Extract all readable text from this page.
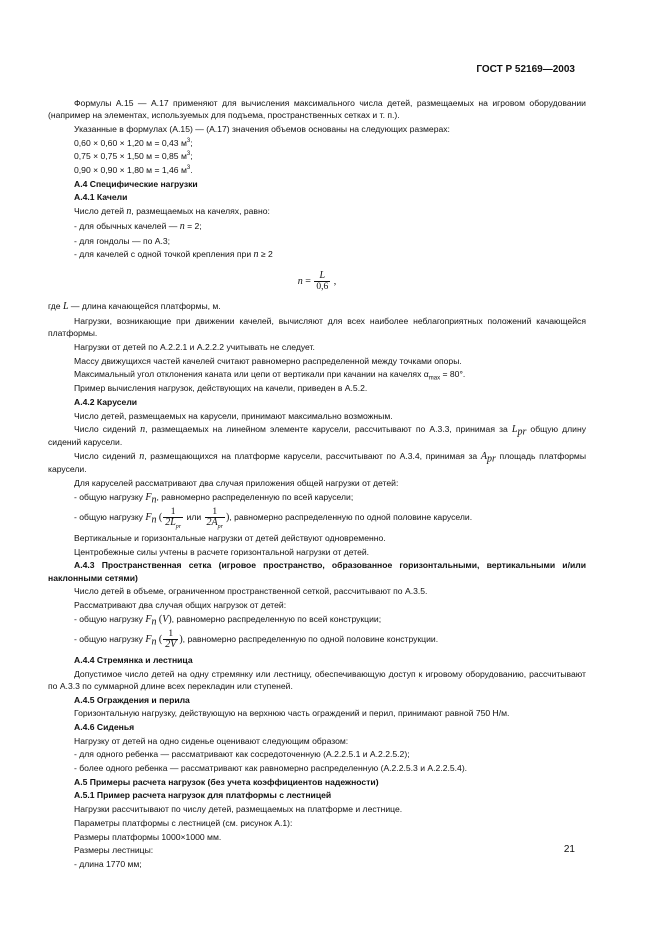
ГОСТ Р 52169—2003

Формулы А.15 — А.17 применяют для вычисления максимального числа детей, размещаемых на игровом оборудовании (например на элементах, используемых для подъема, пространственных сетках и т. п.).

Указанные в формулах (А.15) — (А.17) значения объемов основаны на следующих размерах:

0,60 × 0,60 × 1,20 м = 0,43 $м^3$;

0,75 × 0,75 × 1,50 м = 0,85 $м^3$;

0,90 × 0,90 × 1,80 м = 1,46 $м^3$.

А.4 Специфические нагрузки

А.4.1 Качели

Число детей n, размещаемых на качелях, равно:

- для обычных качелей — n = 2;

- для гондолы — по А.3;

- для качелей с одной точкой крепления при n ≥ 2

$n = \frac{L}{0,6}$ ,

где L — длина качающейся платформы, м.

Нагрузки, возникающие при движении качелей, вычисляют для всех наиболее неблагоприятных положений качающейся платформы.

Нагрузки от детей по А.2.2.1 и А.2.2.2 учитывать не следует.

Массу движущихся частей качелей считают равномерно распределенной между точками опоры.

Максимальный угол отклонения каната или цепи от вертикали при качании на качелях $\alpha_{max} = 80^\circ$.

Пример вычисления нагрузок, действующих на качели, приведен в А.5.2.

А.4.2 Карусели

Число детей, размещаемых на карусели, принимают максимально возможным.

Число сидений n, размещаемых на линейном элементе карусели, рассчитывают по А.3.3, принимая за $L_{pr}$ общую длину сидений карусели.

Число сидений n, размещающихся на платформе карусели, рассчитывают по А.3.4, принимая за $A_{pr}$ площадь платформы карусели.

Для каруселей рассматривают два случая приложения общей нагрузки от детей:

- общую нагрузку $F_n$, равномерно распределенную по всей карусели;

- общую нагрузку $F_n$ ( $\frac{1}{2L_{pr}}$ или $\frac{1}{2A_{pr}}$ ), равномерно распределенную по одной половине карусели.

Вертикальные и горизонтальные нагрузки от детей действуют одновременно.

Центробежные силы учтены в расчете горизонтальной нагрузки от детей.

А.4.3 Пространственная сетка (игровое пространство, образованное горизонтальными, вертикальными и/или наклонными сетями)

Число детей в объеме, ограниченном пространственной сеткой, рассчитывают по А.3.5.

Рассматривают два случая общих нагрузок от детей:

- общую нагрузку $F_n$ (V), равномерно распределенную по всей конструкции;

- общую нагрузку $F_n$ ( $\frac{1}{2V}$ ), равномерно распределенную по одной половине конструкции.

А.4.4 Стремянка и лестница

Допустимое число детей на одну стремянку или лестницу, обеспечивающую доступ к игровому оборудованию, рассчитывают по А.3.3 по суммарной длине всех перекладин или ступеней.

А.4.5 Ограждения и перила

Горизонтальную нагрузку, действующую на верхнюю часть ограждений и перил, принимают равной 750 Н/м.

А.4.6 Сиденья

Нагрузку от детей на одно сиденье оценивают следующим образом:

- для одного ребенка — рассматривают как сосредоточенную (А.2.2.5.1 и А.2.2.5.2);

- более одного ребенка — рассматривают как равномерно распределенную (А.2.2.5.3 и А.2.2.5.4).

А.5 Примеры расчета нагрузок (без учета коэффициентов надежности)

А.5.1 Пример расчета нагрузок для платформы с лестницей

Нагрузки рассчитывают по числу детей, размещаемых на платформе и лестнице.

Параметры платформы с лестницей (см. рисунок А.1):

Размеры платформы 1000×1000 мм.

Размеры лестницы:

- длина 1770 мм;

21
